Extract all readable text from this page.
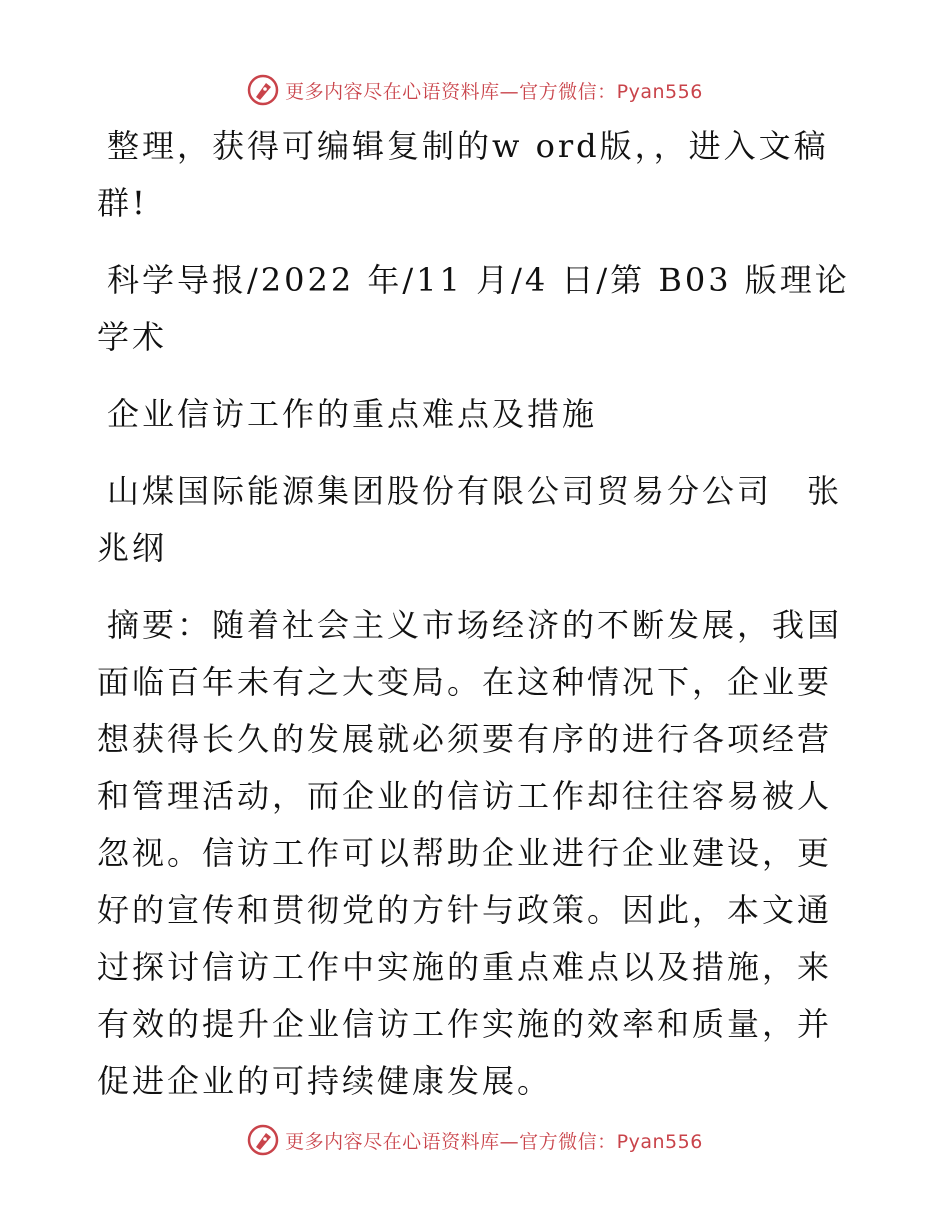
更多内容尽在心语资料库—官方微信：Pyan556

整理，获得可编辑复制的w ord版，，进入文稿群!

科学导报/2022 年/11 月/4 日/第 B03 版理论学术

企业信访工作的重点难点及措施

山煤国际能源集团股份有限公司贸易分公司　张兆纲

摘要：随着社会主义市场经济的不断发展，我国面临百年未有之大变局。在这种情况下，企业要想获得长久的发展就必须要有序的进行各项经营和管理活动，而企业的信访工作却往往容易被人忽视。信访工作可以帮助企业进行企业建设，更好的宣传和贯彻党的方针与政策。因此，本文通过探讨信访工作中实施的重点难点以及措施，来有效的提升企业信访工作实施的效率和质量，并促进企业的可持续健康发展。

更多内容尽在心语资料库—官方微信：Pyan556
